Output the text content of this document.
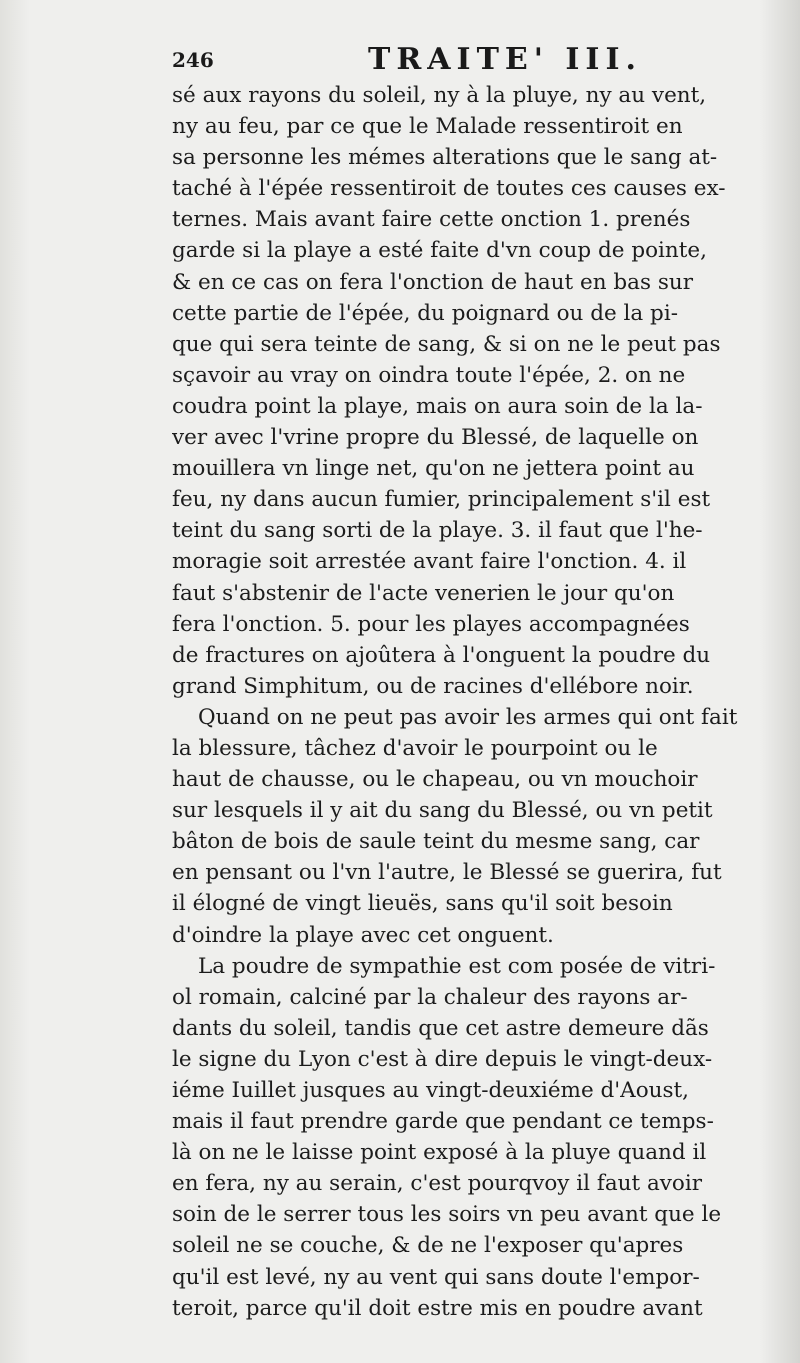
246	TRAITE' III.
sé aux rayons du soleil, ny à la pluye, ny au vent,
ny au feu, par ce que le Malade ressentiroit en
sa personne les mémes alterations que le sang at-
taché à l'épée ressentiroit de toutes ces causes ex-
ternes. Mais avant faire cette onction 1. prenés
garde si la playe a esté faite d'vn coup de pointe,
& en ce cas on fera l'onction de haut en bas sur
cette partie de l'épée, du poignard ou de la pi-
que qui sera teinte de sang, & si on ne le peut pas
sçavoir au vray on oindra toute l'épée, 2. on ne
coudra point la playe, mais on aura soin de la la-
ver avec l'vrine propre du Blessé, de laquelle on
mouillera vn linge net, qu'on ne jettera point au
feu, ny dans aucun fumier, principalement s'il est
teint du sang sorti de la playe. 3. il faut que l'he-
moragie soit arrestée avant faire l'onction. 4. il
faut s'abstenir de l'acte venerien le jour qu'on
fera l'onction. 5. pour les playes accompagnées
de fractures on ajoûtera à l'onguent la poudre du
grand Simphitum, ou de racines d'ellébore noir.
Quand on ne peut pas avoir les armes qui ont fait
la blessure, tâchez d'avoir le pourpoint ou le
haut de chausse, ou le chapeau, ou vn mouchoir
sur lesquels il y ait du sang du Blessé, ou vn petit
bâton de bois de saule teint du mesme sang, car
en pensant ou l'vn l'autre, le Blessé se guerira, fut
il élogné de vingt lieuës, sans qu'il soit besoin
d'oindre la playe avec cet onguent.
La poudre de sympathie est com posée de vitri-
ol romain, calciné par la chaleur des rayons ar-
dants du soleil, tandis que cet astre demeure dãs
le signe du Lyon c'est à dire depuis le vingt-deux-
iéme Iuillet jusques au vingt-deuxiéme d'Aoust,
mais il faut prendre garde que pendant ce temps-
là on ne le laisse point exposé à la pluye quand il
en fera, ny au serain, c'est pourqvoy il faut avoir
soin de le serrer tous les soirs vn peu avant que le
soleil ne se couche, & de ne l'exposer qu'apres
qu'il est levé, ny au vent qui sans doute l'empor-
teroit, parce qu'il doit estre mis en poudre avant
